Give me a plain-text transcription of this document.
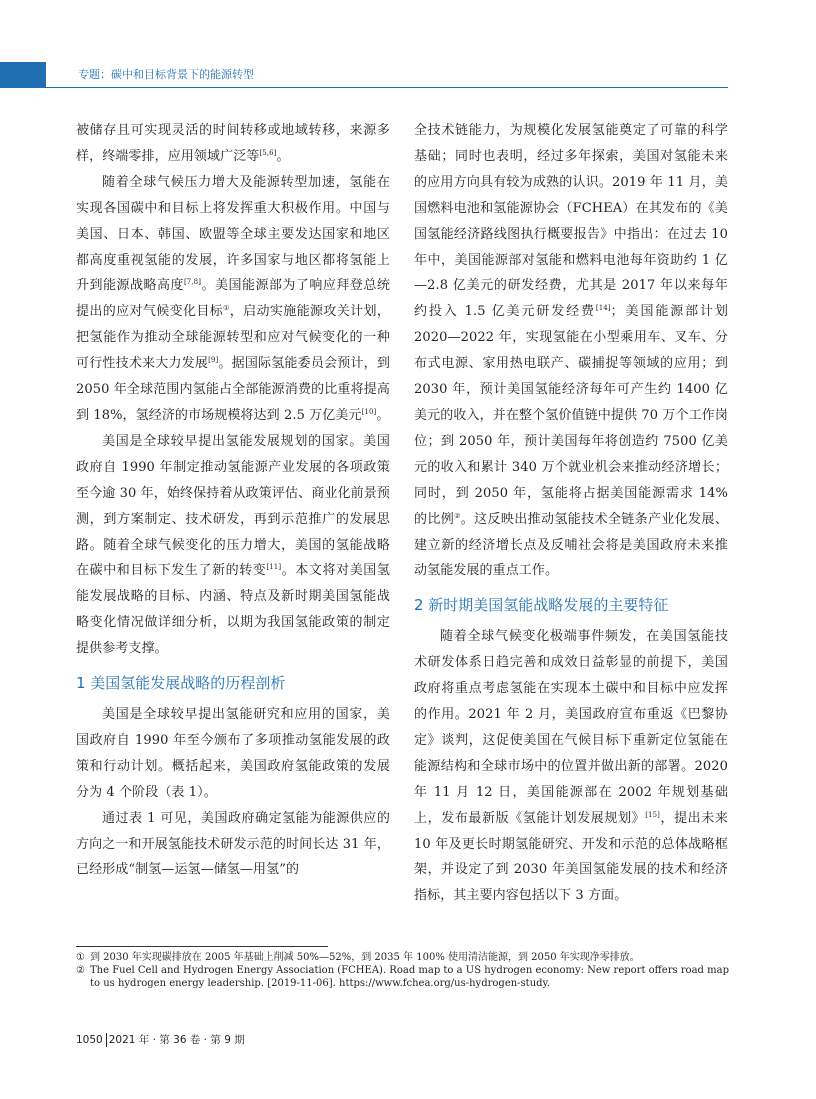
专题：碳中和目标背景下的能源转型

被储存且可实现灵活的时间转移或地域转移，来源多样，终端零排，应用领域广泛等[5,6]。

随着全球气候压力增大及能源转型加速，氢能在实现各国碳中和目标上将发挥重大积极作用。中国与美国、日本、韩国、欧盟等全球主要发达国家和地区都高度重视氢能的发展，许多国家与地区都将氢能上升到能源战略高度[7,8]。美国能源部为了响应拜登总统提出的应对气候变化目标①，启动实施能源攻关计划，把氢能作为推动全球能源转型和应对气候变化的一种可行性技术来大力发展[9]。据国际氢能委员会预计，到 2050 年全球范围内氢能占全部能源消费的比重将提高到 18%，氢经济的市场规模将达到 2.5 万亿美元[10]。

美国是全球较早提出氢能发展规划的国家。美国政府自 1990 年制定推动氢能源产业发展的各项政策至今逾 30 年，始终保持着从政策评估、商业化前景预测，到方案制定、技术研发，再到示范推广的发展思路。随着全球气候变化的压力增大，美国的氢能战略在碳中和目标下发生了新的转变[11]。本文将对美国氢能发展战略的目标、内涵、特点及新时期美国氢能战略变化情况做详细分析，以期为我国氢能政策的制定提供参考支撑。

1 美国氢能发展战略的历程剖析

美国是全球较早提出氢能研究和应用的国家，美国政府自 1990 年至今颁布了多项推动氢能发展的政策和行动计划。概括起来，美国政府氢能政策的发展分为 4 个阶段（表 1）。

通过表 1 可见，美国政府确定氢能为能源供应的方向之一和开展氢能技术研发示范的时间长达 31 年，已经形成“制氢—运氢—储氢—用氢”的

全技术链能力，为规模化发展氢能奠定了可靠的科学基础；同时也表明，经过多年探索，美国对氢能未来的应用方向具有较为成熟的认识。2019 年 11 月，美国燃料电池和氢能源协会（FCHEA）在其发布的《美国氢能经济路线图执行概要报告》中指出：在过去 10 年中，美国能源部对氢能和燃料电池每年资助约 1 亿—2.8 亿美元的研发经费，尤其是 2017 年以来每年约投入 1.5 亿美元研发经费[14]；美国能源部计划 2020—2022 年，实现氢能在小型乘用车、叉车、分布式电源、家用热电联产、碳捕捉等领域的应用；到 2030 年，预计美国氢能经济每年可产生约 1400 亿美元的收入，并在整个氢价值链中提供 70 万个工作岗位；到 2050 年，预计美国每年将创造约 7500 亿美元的收入和累计 340 万个就业机会来推动经济增长；同时，到 2050 年，氢能将占据美国能源需求 14% 的比例②。这反映出推动氢能技术全链条产业化发展、建立新的经济增长点及反哺社会将是美国政府未来推动氢能发展的重点工作。

2 新时期美国氢能战略发展的主要特征

随着全球气候变化极端事件频发，在美国氢能技术研发体系日趋完善和成效日益彰显的前提下，美国政府将重点考虑氢能在实现本土碳中和目标中应发挥的作用。2021 年 2 月，美国政府宣布重返《巴黎协定》谈判，这促使美国在气候目标下重新定位氢能在能源结构和全球市场中的位置并做出新的部署。2020 年 11 月 12 日，美国能源部在 2002 年规划基础上，发布最新版《氢能计划发展规划》[15]，提出未来 10 年及更长时期氢能研究、开发和示范的总体战略框架，并设定了到 2030 年美国氢能发展的技术和经济指标，其主要内容包括以下 3 方面。

① 到 2030 年实现碳排放在 2005 年基础上削减 50%—52%，到 2035 年 100% 使用清洁能源，到 2050 年实现净零排放。
② The Fuel Cell and Hydrogen Energy Association (FCHEA). Road map to a US hydrogen economy: New report offers road map to us hydrogen energy leadership. [2019-11-06]. https://www.fchea.org/us-hydrogen-study.
1050 2021 年 · 第 36 卷 · 第 9 期
